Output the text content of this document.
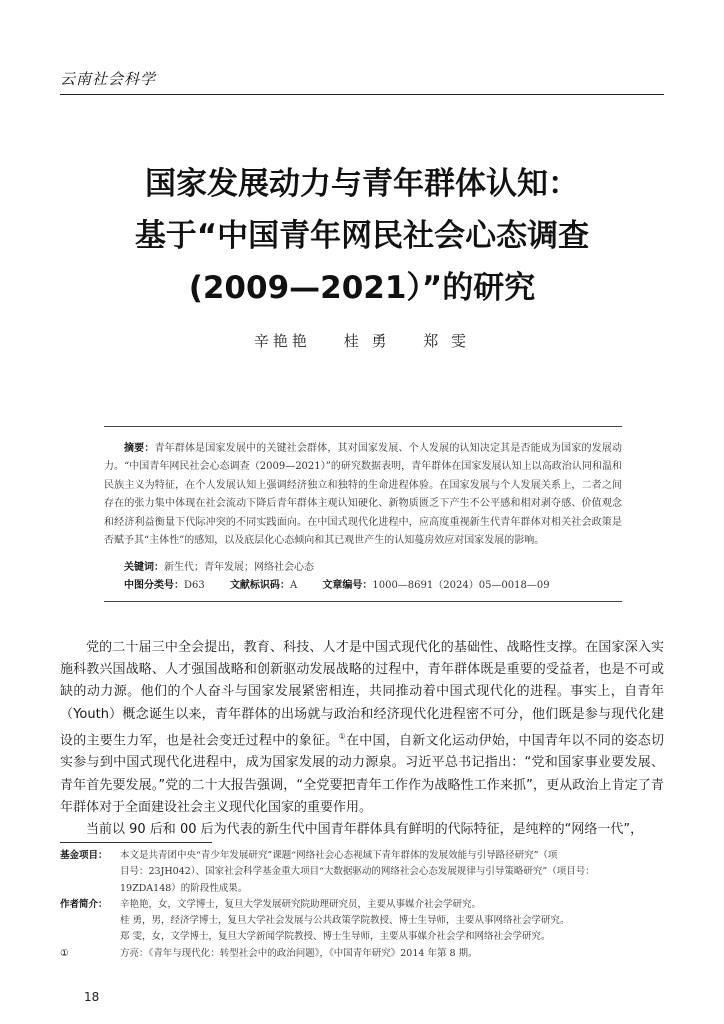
云南社会科学
国家发展动力与青年群体认知：
基于“中国青年网民社会心态调查
(2009—2021）”的研究
辛艳艳 桂 勇 郑 雯
摘要：青年群体是国家发展中的关键社会群体，其对国家发展、个人发展的认知决定其是否能成为国家的发展动力。“中国青年网民社会心态调查（2009—2021）”的研究数据表明，青年群体在国家发展认知上以高政治认同和温和民族主义为特征，在个人发展认知上强调经济独立和独特的生命进程体验。在国家发展与个人发展关系上，二者之间存在的张力集中体现在社会流动下降后青年群体主观认知硬化、新物质匮乏下产生不公平感和相对剥夺感、价值观念和经济利益衡量下代际冲突的不同实践面向。在中国式现代化进程中，应高度重视新生代青年群体对相关社会政策是否赋予其“主体性”的感知，以及底层化心态倾向和其已观世产生的认知蔓房效应对国家发展的影响。
关键词：新生代；青年发展；网络社会心态
中图分类号：D63	文献标识码：A	文章编号：1000—8691（2024）05—0018—09

党的二十届三中全会提出，教育、科技、人才是中国式现代化的基础性、战略性支撑。在国家深入实施科教兴国战略、人才强国战略和创新驱动发展战略的过程中，青年群体既是重要的受益者，也是不可或缺的动力源。他们的个人奋斗与国家发展紧密相连，共同推动着中国式现代化的进程。事实上，自青年（Youth）概念诞生以来，青年群体的出场就与政治和经济现代化进程密不可分，他们既是参与现代化建设的主要生力军，也是社会变迁过程中的象征。①在中国，自新文化运动伊始，中国青年以不同的姿态切实参与到中国式现代化进程中，成为国家发展的动力源泉。习近平总书记指出：“党和国家事业要发展、青年首先要发展。”党的二十大报告强调，“全党要把青年工作作为战略性工作来抓”，更从政治上肯定了青年群体对于全面建设社会主义现代化国家的重要作用。

当前以 90 后和 00 后为代表的新生代中国青年群体具有鲜明的代际特征，是纯粹的“网络一代”，

基金项目：	本文是共青团中央“青少年发展研究”课题“网络社会心态视域下青年群体的发展效能与引导路径研究”（项
目号：23JH042）、国家社会科学基金重大项目“大数据驱动的网络社会心态发展规律与引导策略研究”（项目号：
19ZDA148）的阶段性成果。
作者简介：	辛艳艳，女，文学博士，复旦大学发展研究院助理研究员，主要从事媒介社会学研究。
桂 勇，男，经济学博士，复旦大学社会发展与公共政策学院教授、博士生导师，主要从事网络社会学研究。
郑 雯，女，文学博士，复旦大学新闻学院教授、博士生导师，主要从事媒介社会学和网络社会学研究。
①	方亮：《青年与现代化：转型社会中的政治问题》，《中国青年研究》2014 年第 8 期。
18
